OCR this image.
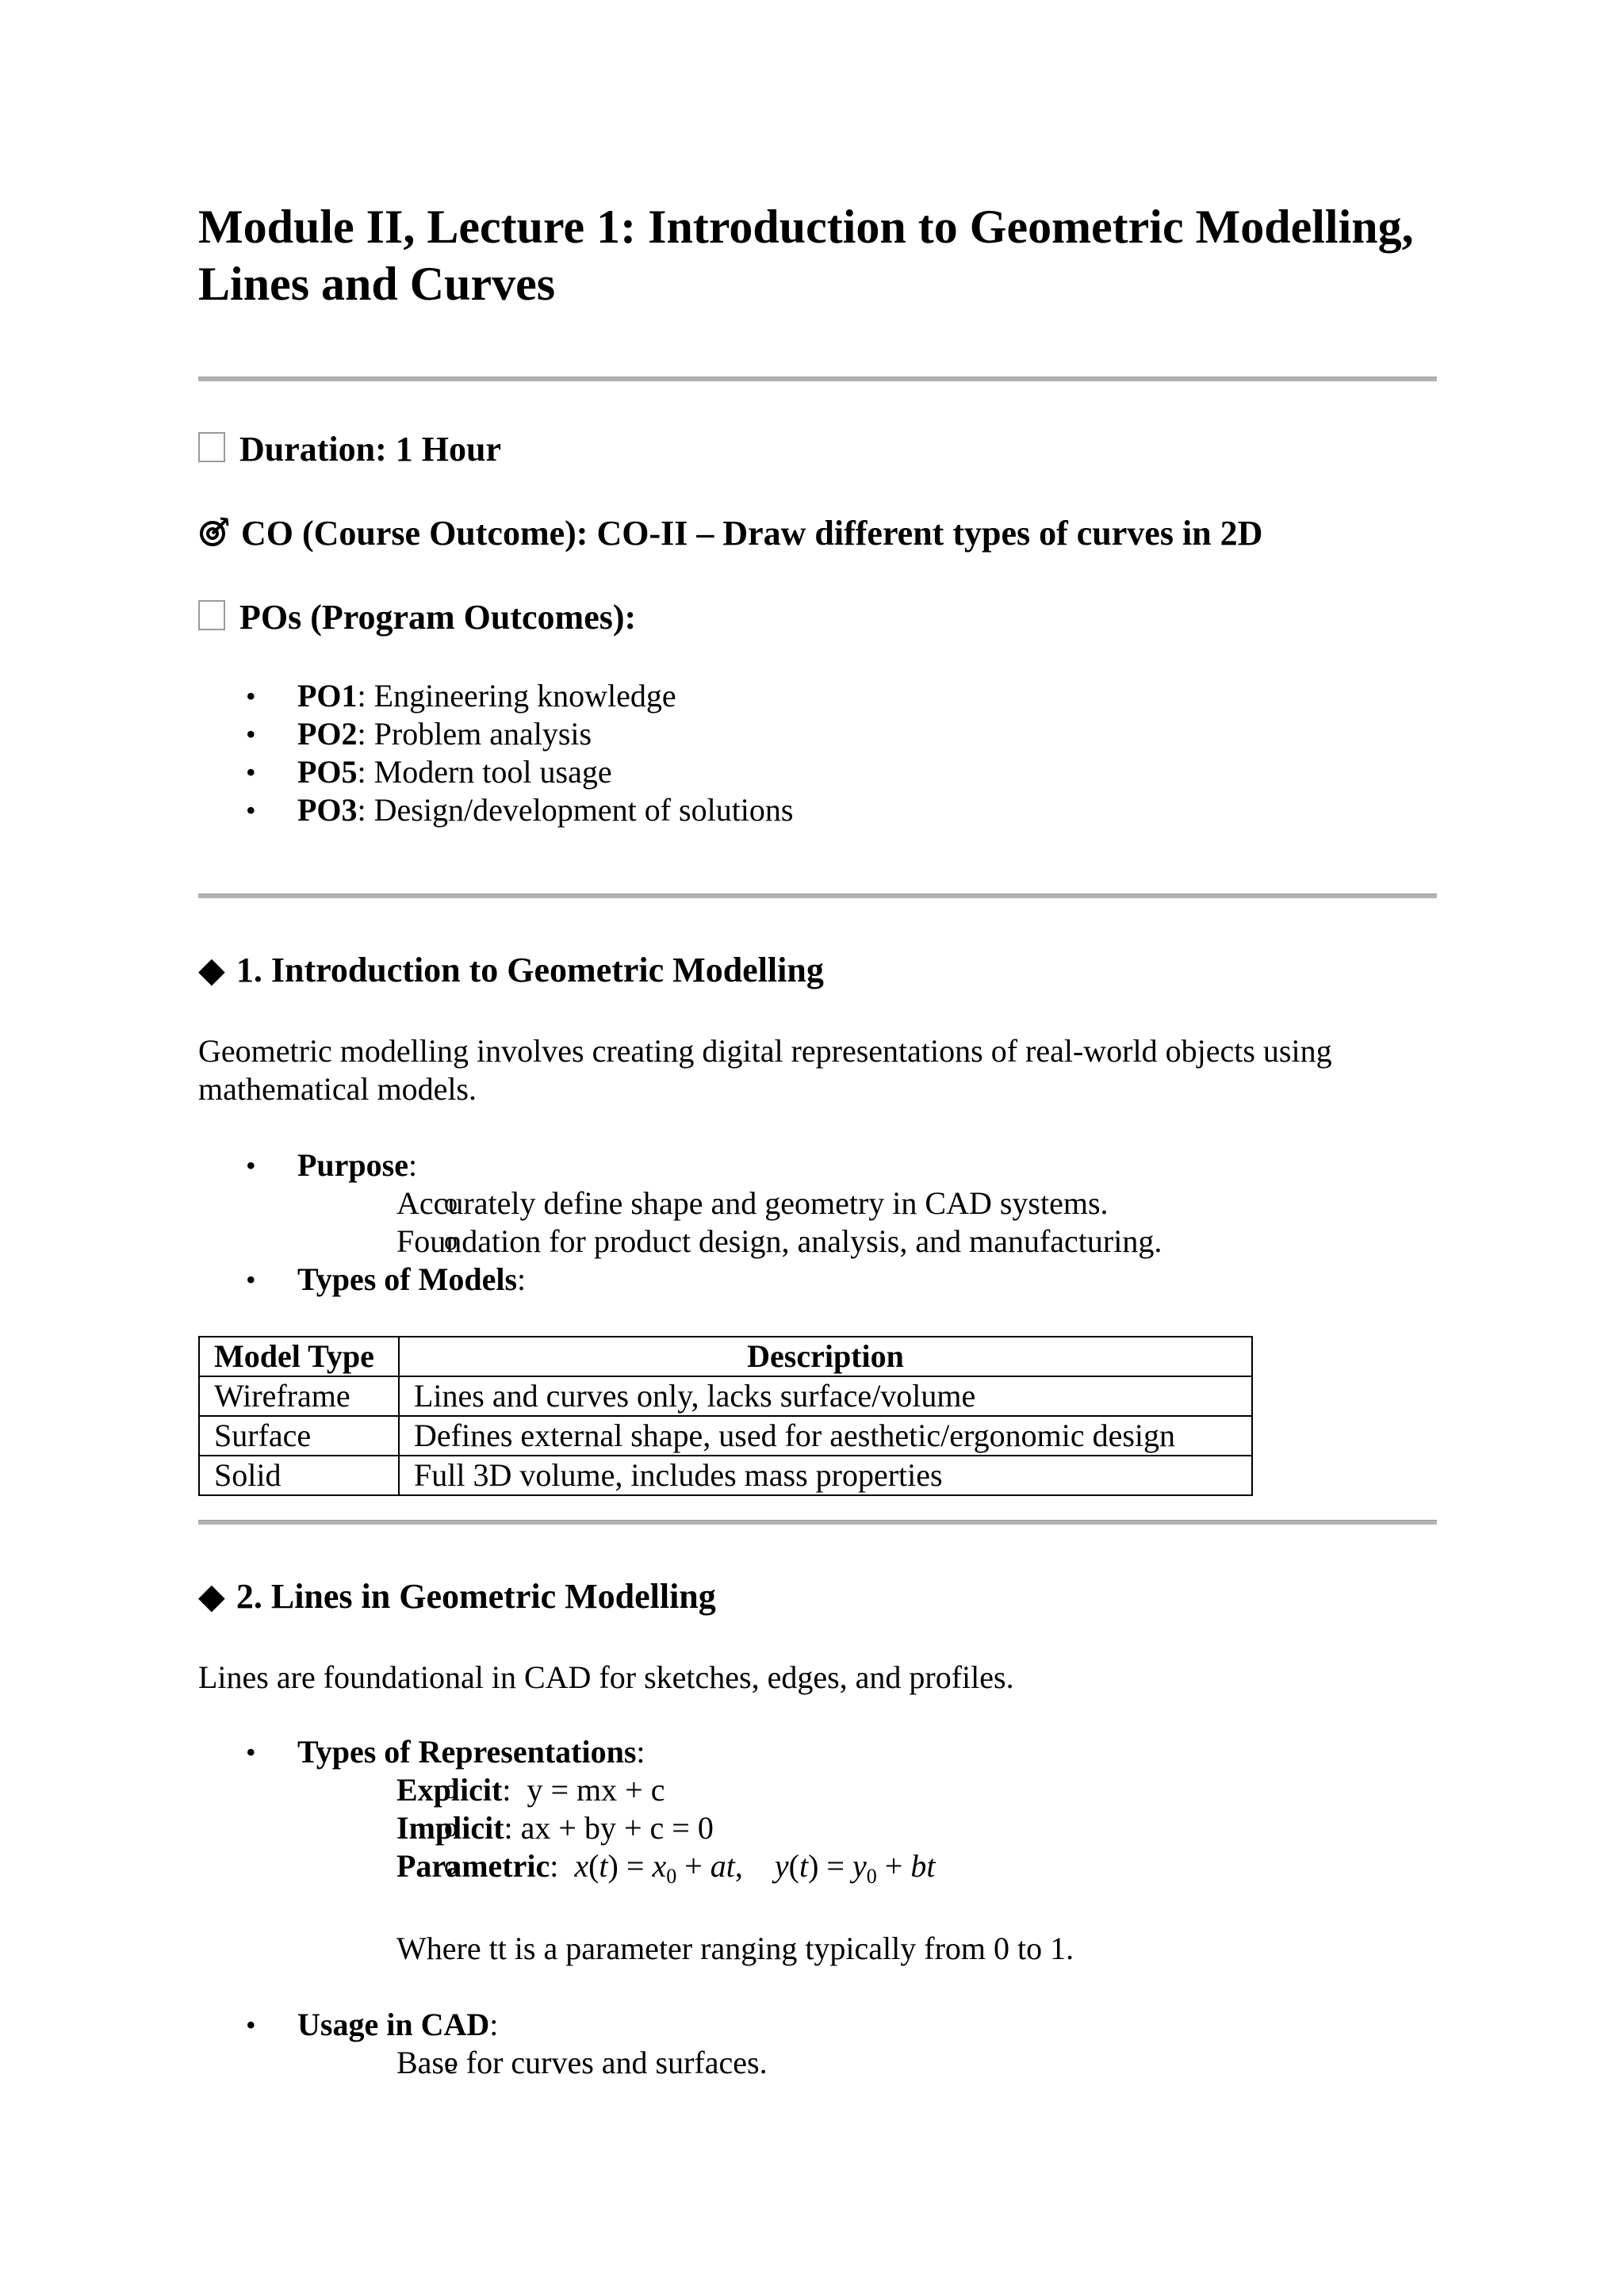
Module II, Lecture 1: Introduction to Geometric Modelling, Lines and Curves
Duration: 1 Hour
CO (Course Outcome): CO-II – Draw different types of curves in 2D
POs (Program Outcomes):
• PO1: Engineering knowledge
• PO2: Problem analysis
• PO5: Modern tool usage
• PO3: Design/development of solutions
◆ 1. Introduction to Geometric Modelling

Geometric modelling involves creating digital representations of real-world objects using mathematical models.

• Purpose:
o Accurately define shape and geometry in CAD systems.
o Foundation for product design, analysis, and manufacturing.
• Types of Models:
Model Type	Description
Wireframe	Lines and curves only, lacks surface/volume
Surface	Defines external shape, used for aesthetic/ergonomic design
Solid	Full 3D volume, includes mass properties
◆ 2. Lines in Geometric Modelling

Lines are foundational in CAD for sketches, edges, and profiles.

• Types of Representations:
o Explicit:  y = mx + c
o Implicit: ax + by + c = 0
o Parametric:  $x(t) = x_0$ + at,    $y(t) = y_0$ + bt
Where tt is a parameter ranging typically from 0 to 1.
• Usage in CAD:
o Base for curves and surfaces.
